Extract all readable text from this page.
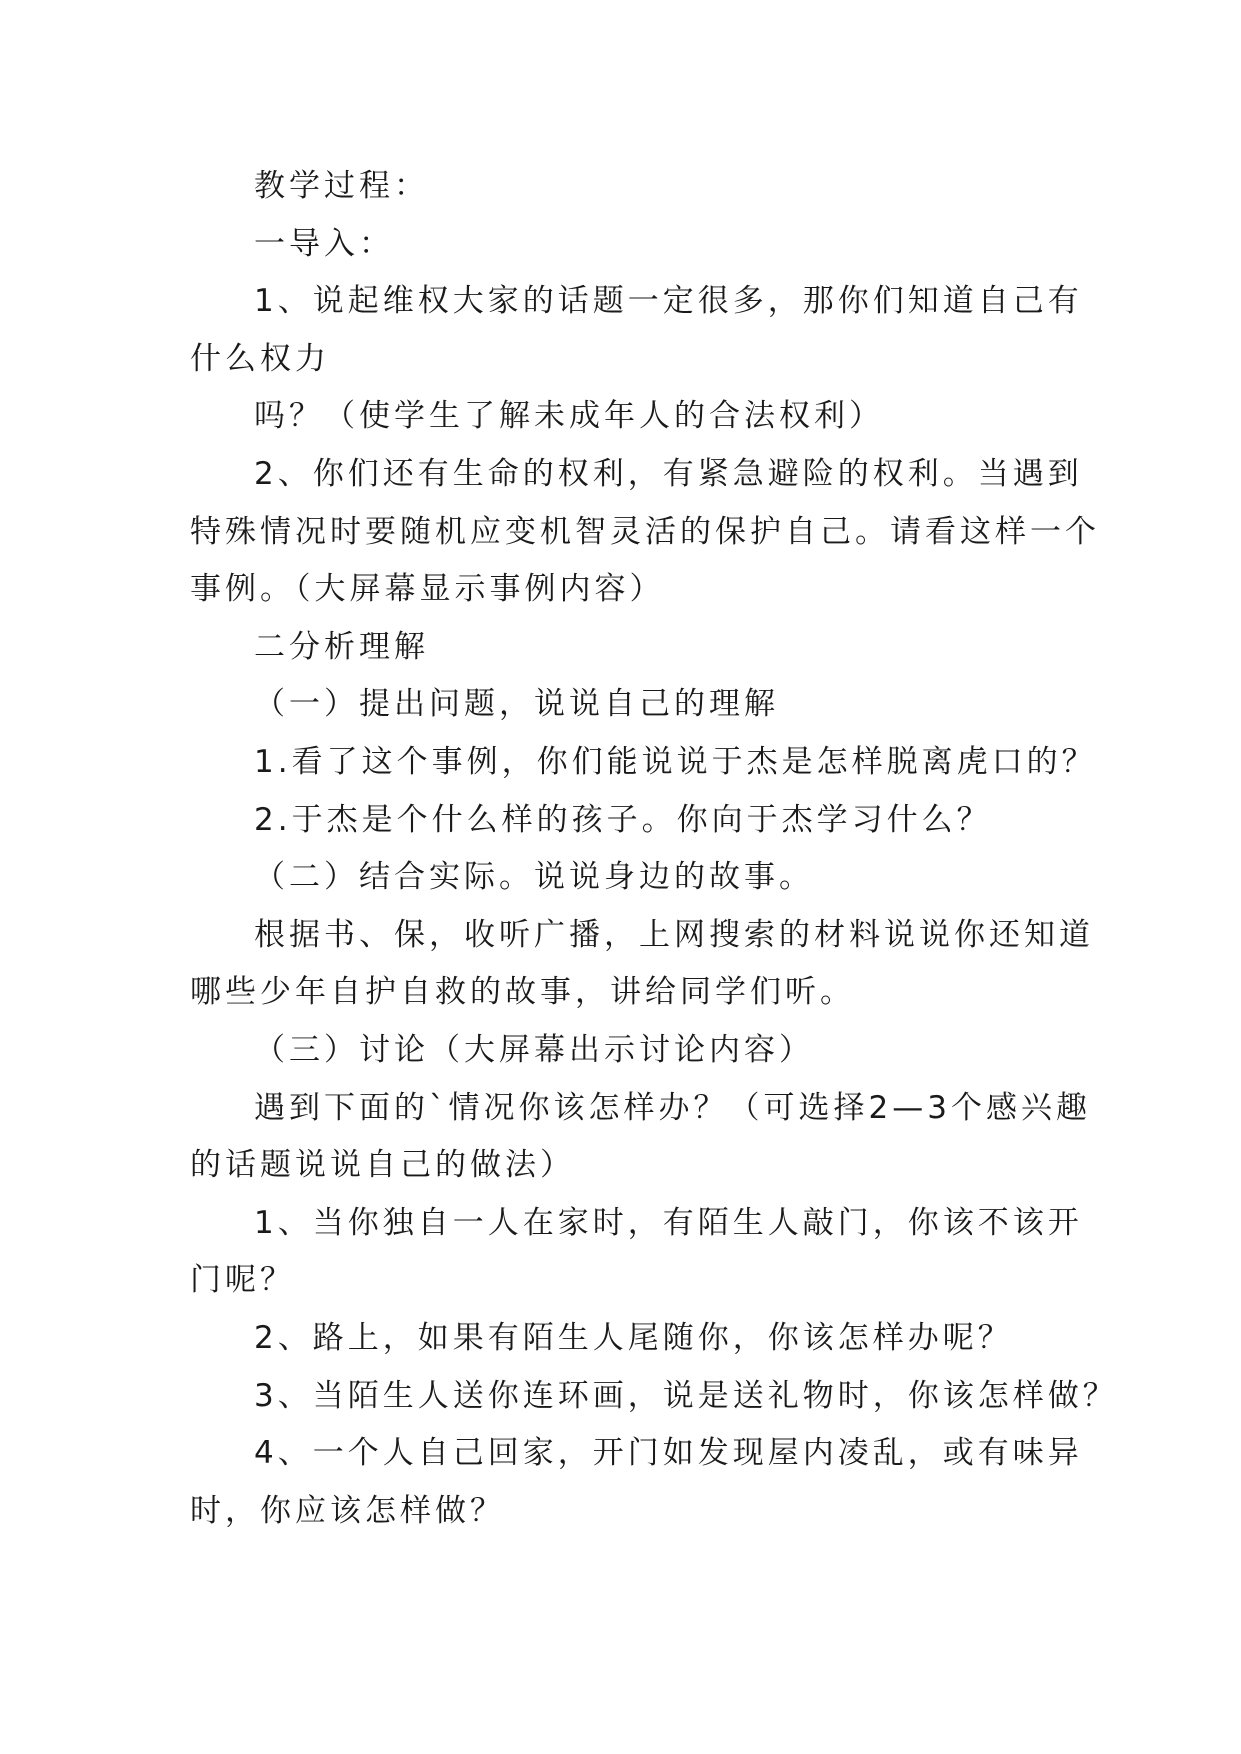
教学过程：

一导入：

1、说起维权大家的话题一定很多，那你们知道自己有

什么权力

吗？（使学生了解未成年人的合法权利）

2、你们还有生命的权利，有紧急避险的权利。当遇到

特殊情况时要随机应变机智灵活的保护自己。请看这样一个

事例。（大屏幕显示事例内容）

二分析理解

（一）提出问题，说说自己的理解

1.看了这个事例，你们能说说于杰是怎样脱离虎口的？

2.于杰是个什么样的孩子。你向于杰学习什么？

（二）结合实际。说说身边的故事。

根据书、保，收听广播，上网搜索的材料说说你还知道

哪些少年自护自救的故事，讲给同学们听。

（三）讨论（大屏幕出示讨论内容）

遇到下面的`情况你该怎样办？（可选择2—3个感兴趣

的话题说说自己的做法）

1、当你独自一人在家时，有陌生人敲门，你该不该开

门呢？

2、路上，如果有陌生人尾随你，你该怎样办呢？

3、当陌生人送你连环画，说是送礼物时，你该怎样做？

4、一个人自己回家，开门如发现屋内凌乱，或有味异

时，你应该怎样做？
